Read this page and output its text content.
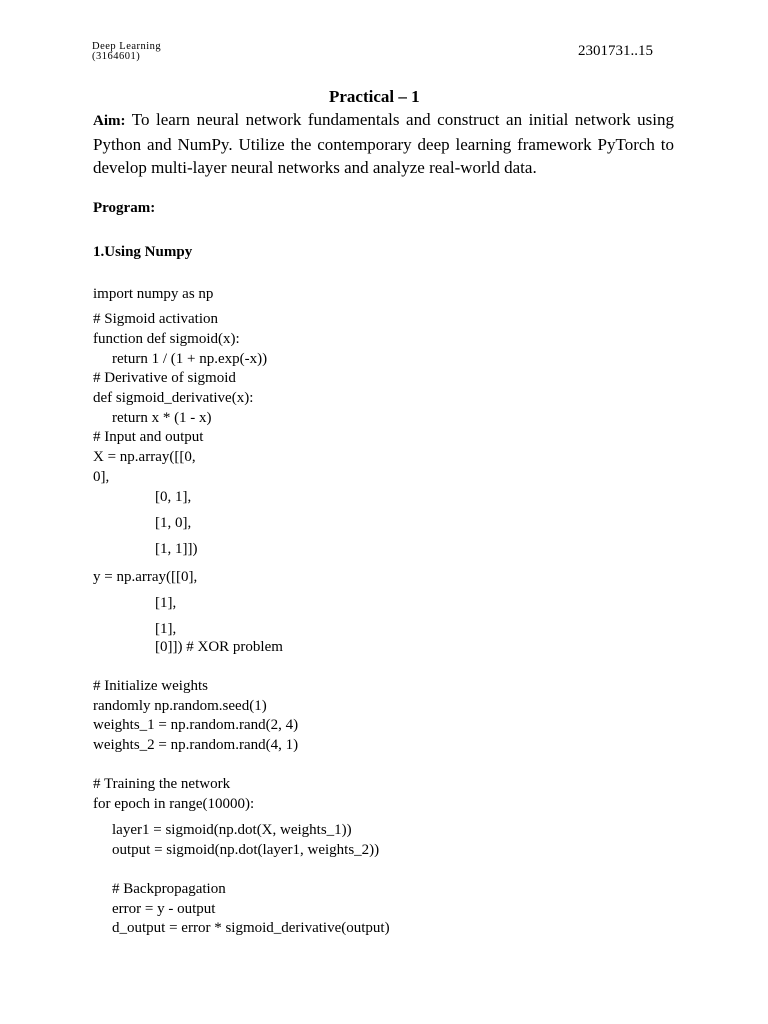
Deep Learning
(3164601)	2301731..15
Practical – 1
Aim: To learn neural network fundamentals and construct an initial network using Python and NumPy. Utilize the contemporary deep learning framework PyTorch to develop multi-layer neural networks and analyze real-world data.
Program:
1.Using Numpy
import numpy as np
# Sigmoid activation
function def sigmoid(x):
return 1 / (1 + np.exp(-x))
# Derivative of sigmoid
def sigmoid_derivative(x):
return x * (1 - x)
# Input and output
X = np.array([[0,
0],
[0, 1],
[1, 0],
[1, 1]])
y = np.array([[0],
[1],
[1],
[0]]) # XOR problem
# Initialize weights
randomly np.random.seed(1)
weights_1 = np.random.rand(2, 4)
weights_2 = np.random.rand(4, 1)
# Training the network
for epoch in range(10000):
layer1 = sigmoid(np.dot(X, weights_1))
output = sigmoid(np.dot(layer1, weights_2))
# Backpropagation
error = y - output
d_output = error * sigmoid_derivative(output)
